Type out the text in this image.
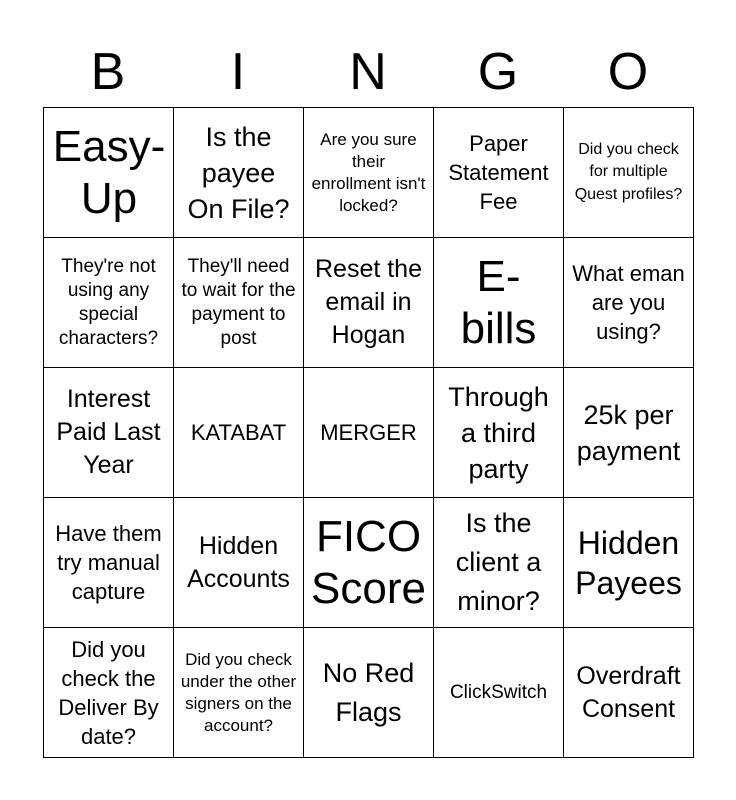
B	I	N	G	O
Easy-Up	Is the payee On File?	Are you sure their enrollment isn't locked?	Paper Statement Fee	Did you check for multiple Quest profiles?

They're not using any special characters?	They'll need to wait for the payment to post	Reset the email in Hogan	E-bills	What eman are you using?

Interest Paid Last Year	KATABAT	MERGER	Through a third party	25k per payment

Have them try manual capture	Hidden Accounts	FICO Score	Is the client a minor?	Hidden Payees

Did you check the Deliver By date?	Did you check under the other signers on the account?	No Red Flags	ClickSwitch	Overdraft Consent
